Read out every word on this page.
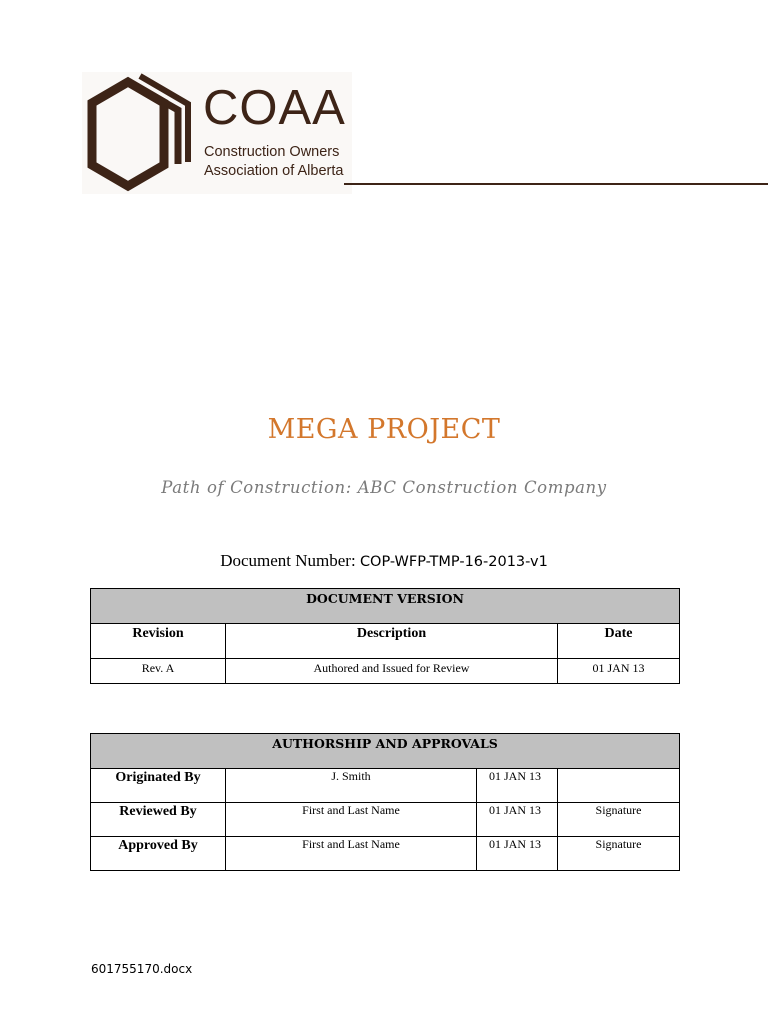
COAA
Construction Owners
Association of Alberta
MEGA PROJECT
Path of Construction: ABC Construction Company
Document Number: COP-WFP-TMP-16-2013-v1
DOCUMENT VERSION		
Revision	Description	Date
Rev. A	Authored and Issued for Review	01 JAN 13
AUTHORSHIP AND APPROVALS			
Originated By	J. Smith	01 JAN 13	
Reviewed By	First and Last Name	01 JAN 13	Signature
Approved By	First and Last Name	01 JAN 13	Signature
601755170.docx
